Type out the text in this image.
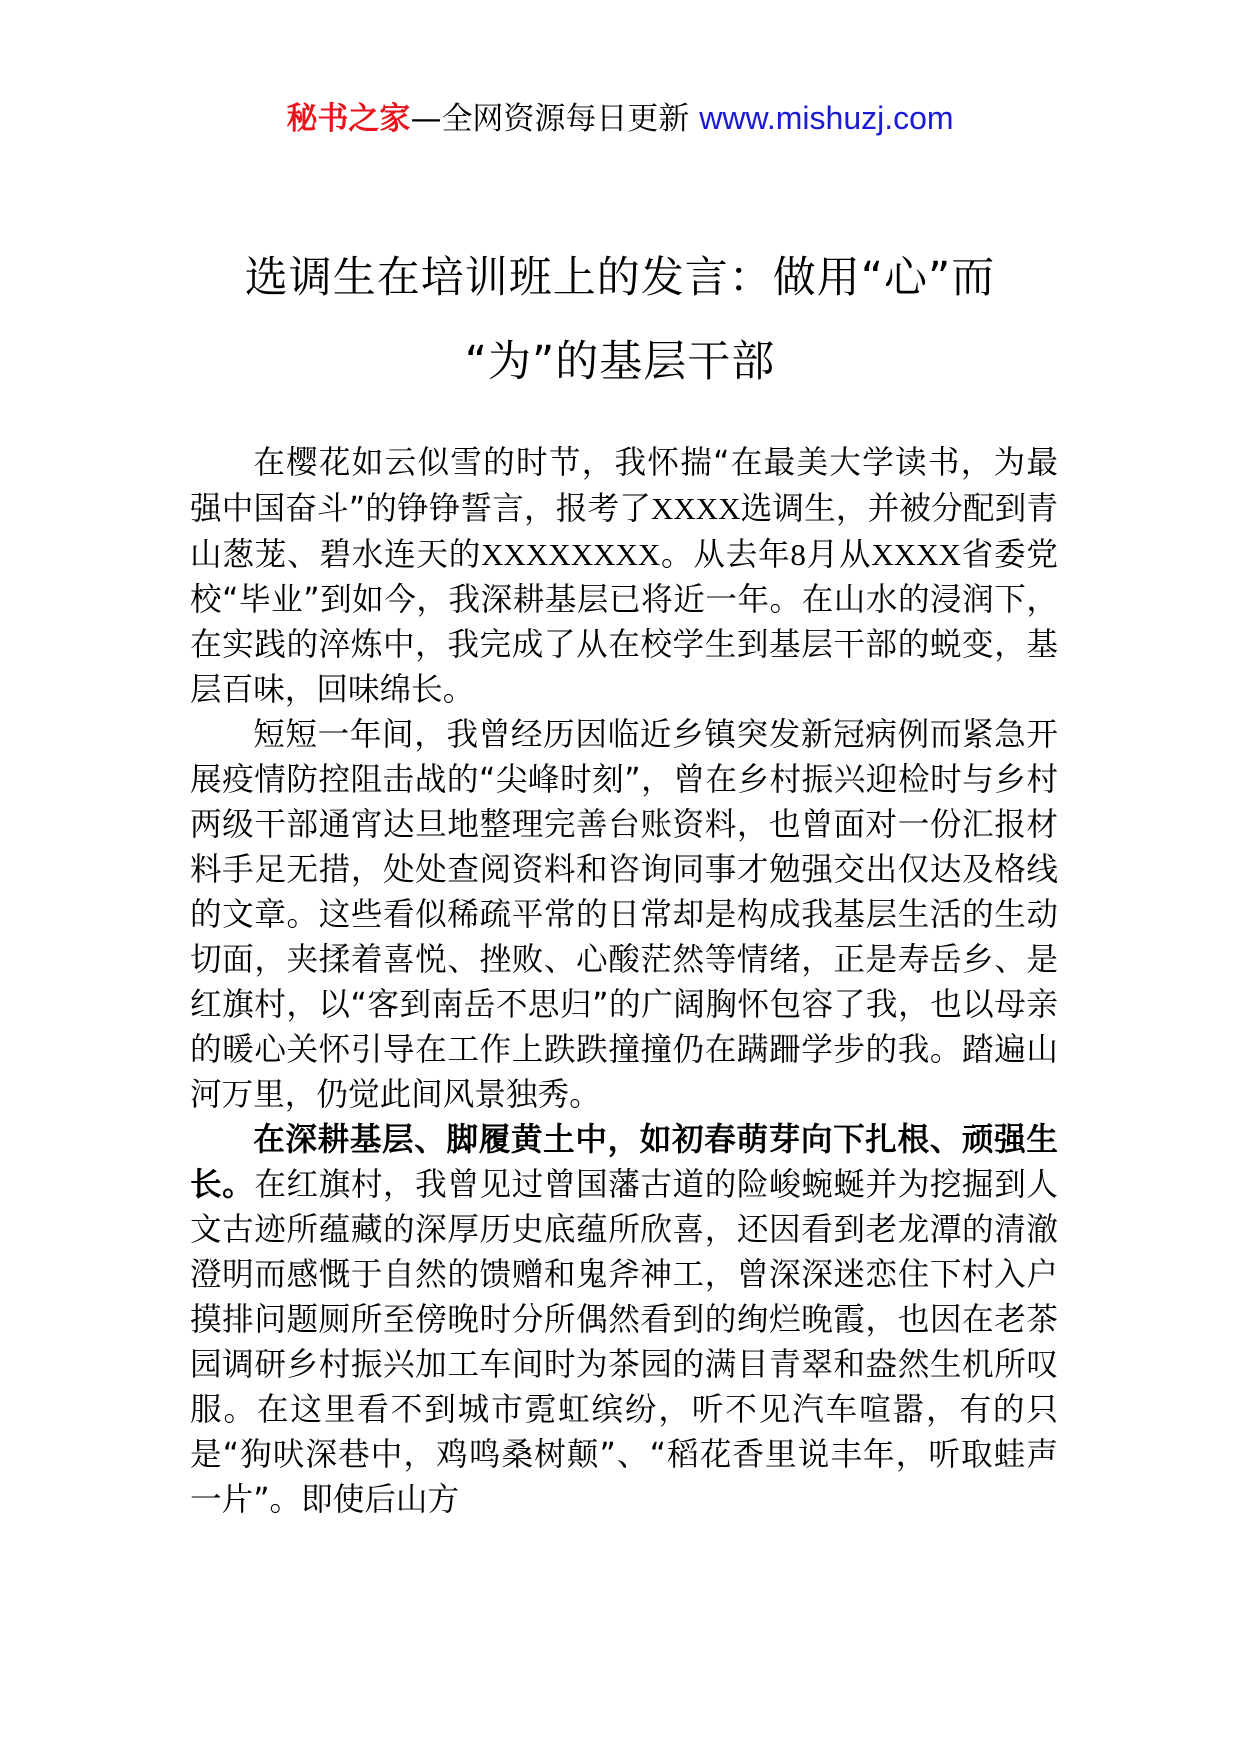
秘书之家—全网资源每日更新 www.mishuzj.com
选调生在培训班上的发言：做用“心”而
“为”的基层干部

在樱花如云似雪的时节，我怀揣“在最美大学读书，为最强中国奋斗”的铮铮誓言，报考了XXXX选调生，并被分配到青山葱茏、碧水连天的XXXXXXXX。从去年8月从XXXX省委党校“毕业”到如今，我深耕基层已将近一年。在山水的浸润下，在实践的淬炼中，我完成了从在校学生到基层干部的蜕变，基层百味，回味绵长。

短短一年间，我曾经历因临近乡镇突发新冠病例而紧急开展疫情防控阻击战的“尖峰时刻”，曾在乡村振兴迎检时与乡村两级干部通宵达旦地整理完善台账资料，也曾面对一份汇报材料手足无措，处处查阅资料和咨询同事才勉强交出仅达及格线的文章。这些看似稀疏平常的日常却是构成我基层生活的生动切面，夹揉着喜悦、挫败、心酸茫然等情绪，正是寿岳乡、是红旗村，以“客到南岳不思归”的广阔胸怀包容了我，也以母亲的暖心关怀引导在工作上跌跌撞撞仍在蹒跚学步的我。踏遍山河万里，仍觉此间风景独秀。

在深耕基层、脚履黄土中，如初春萌芽向下扎根、顽强生长。在红旗村，我曾见过曾国藩古道的险峻蜿蜒并为挖掘到人文古迹所蕴藏的深厚历史底蕴所欣喜，还因看到老龙潭的清澈澄明而感慨于自然的馈赠和鬼斧神工，曾深深迷恋住下村入户摸排问题厕所至傍晚时分所偶然看到的绚烂晚霞，也因在老茶园调研乡村振兴加工车间时为茶园的满目青翠和盎然生机所叹服。在这里看不到城市霓虹缤纷，听不见汽车喧嚣，有的只是“狗吠深巷中，鸡鸣桑树颠”、“稻花香里说丰年，听取蛙声一片”。即使后山方
